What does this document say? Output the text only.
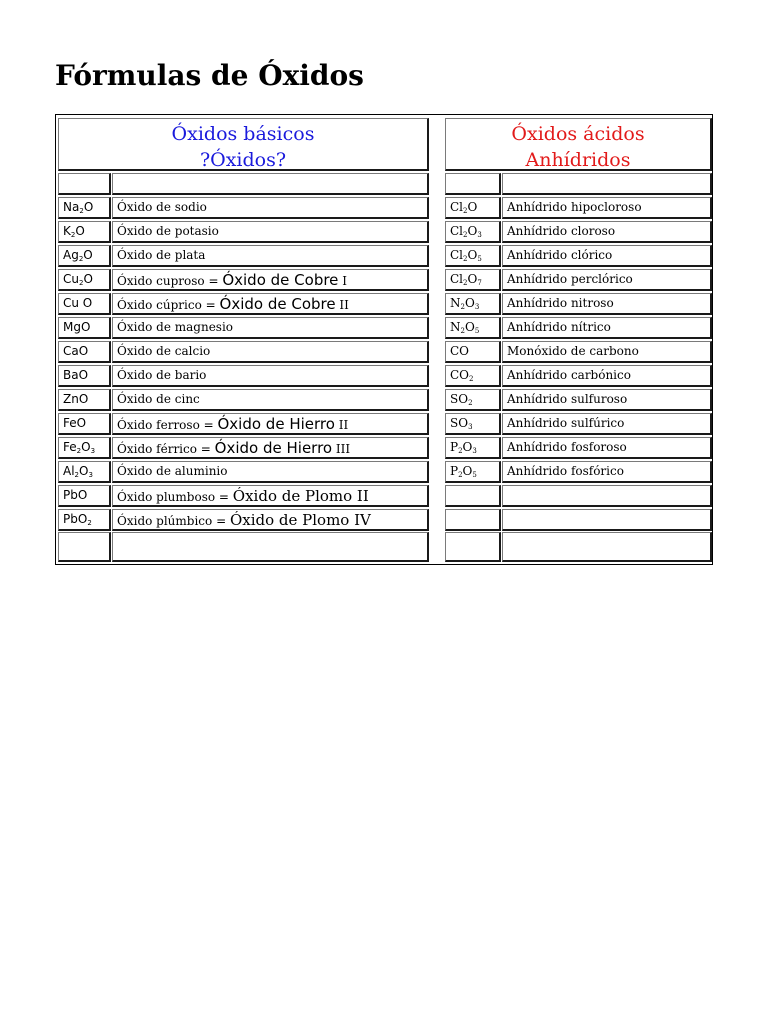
Fórmulas de Óxidos
Óxidos básicos
?Óxidos?
Óxidos ácidos
Anhídridos
$Na_2O$	Óxido de sodio	$Cl_2O$	Anhídrido hipocloroso
$K_2O$	Óxido de potasio	$Cl_2O_3$	Anhídrido cloroso
$Ag_2O$	Óxido de plata	$Cl_2O_5$	Anhídrido clórico
$Cu_2O$	Óxido cuproso = Óxido de Cobre I	$Cl_2O_7$	Anhídrido perclórico
Cu O	Óxido cúprico = Óxido de Cobre II	$N_2O_3$	Anhídrido nitroso
MgO	Óxido de magnesio	$N_2O_5$	Anhídrido nítrico
CaO	Óxido de calcio	CO	Monóxido de carbono
BaO	Óxido de bario	$CO_2$	Anhídrido carbónico
ZnO	Óxido de cinc	$SO_2$	Anhídrido sulfuroso
FeO	Óxido ferroso = Óxido de Hierro II	$SO_3$	Anhídrido sulfúrico
$Fe_2O_3$	Óxido férrico = Óxido de Hierro III	$P_2O_3$	Anhídrido fosforoso
$Al_2O_3$	Óxido de aluminio	$P_2O_5$	Anhídrido fosfórico
PbO	Óxido plumboso = Óxido de Plomo II
PbO$_2$	Óxido plúmbico = Óxido de Plomo IV
